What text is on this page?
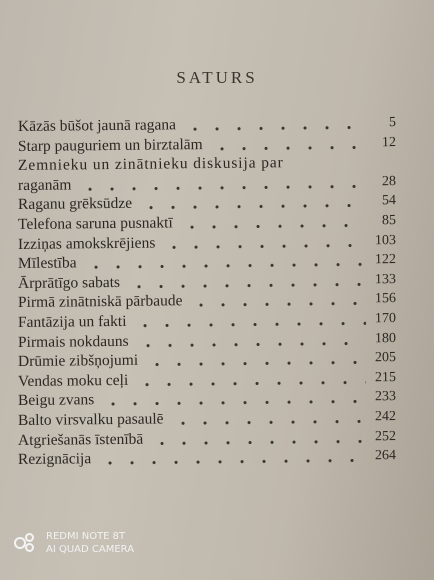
SATURS
Kāzās būšot jaunā ragana	5
Starp pauguriem un birztalām	12
Zemnieku un zinātnieku diskusija par
raganām	28
Raganu grēksūdze	54
Telefona saruna pusnaktī	85
Izziņas amokskrējiens	103
Mīlestība	122
Ārprātīgo sabats	133
Pirmā zinātniskā pārbaude	156
Fantāzija un fakti	170
Pirmais nokdauns	180
Drūmie zibšņojumi	205
Vendas moku ceļi	215
Beigu zvans	233
Balto virsvalku pasaulē	242
Atgriešanās īstenībā	252
Rezignācija	264
REDMI NOTE 8T
AI QUAD CAMERA
